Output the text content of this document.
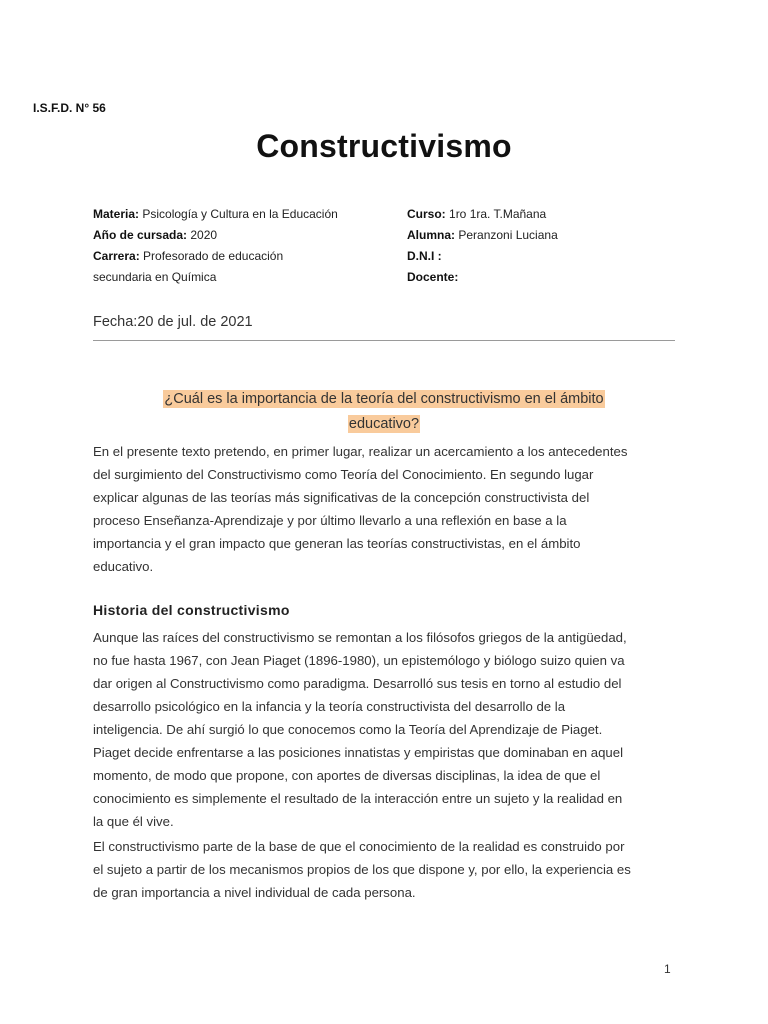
I.S.F.D. N° 56
Constructivismo
Materia: Psicología y Cultura en la Educación
Año de cursada: 2020
Carrera: Profesorado de educación
secundaria en Química
Curso: 1ro 1ra. T.Mañana
Alumna: Peranzoni Luciana
D.N.I :
Docente:
Fecha:20 de jul. de 2021
¿Cuál es la importancia de la teoría del constructivismo en el ámbito
educativo?

En el presente texto pretendo, en primer lugar, realizar un acercamiento a los antecedentes
del surgimiento del Constructivismo como Teoría del Conocimiento. En segundo lugar
explicar algunas de las teorías más significativas de la concepción constructivista del
proceso Enseñanza-Aprendizaje y por último llevarlo a una reflexión en base a la
importancia y el gran impacto que generan las teorías constructivistas, en el ámbito
educativo.

Historia del constructivismo

Aunque las raíces del constructivismo se remontan a los filósofos griegos de la antigüedad,
no fue hasta 1967, con Jean Piaget (1896-1980), un epistemólogo y biólogo suizo quien va
dar origen al Constructivismo como paradigma. Desarrolló sus tesis en torno al estudio del
desarrollo psicológico en la infancia y la teoría constructivista del desarrollo de la
inteligencia. De ahí surgió lo que conocemos como la Teoría del Aprendizaje de Piaget.
Piaget decide enfrentarse a las posiciones innatistas y empiristas que dominaban en aquel
momento, de modo que propone, con aportes de diversas disciplinas, la idea de que el
conocimiento es simplemente el resultado de la interacción entre un sujeto y la realidad en
la que él vive.

El constructivismo parte de la base de que el conocimiento de la realidad es construido por
el sujeto a partir de los mecanismos propios de los que dispone y, por ello, la experiencia es
de gran importancia a nivel individual de cada persona.

1
